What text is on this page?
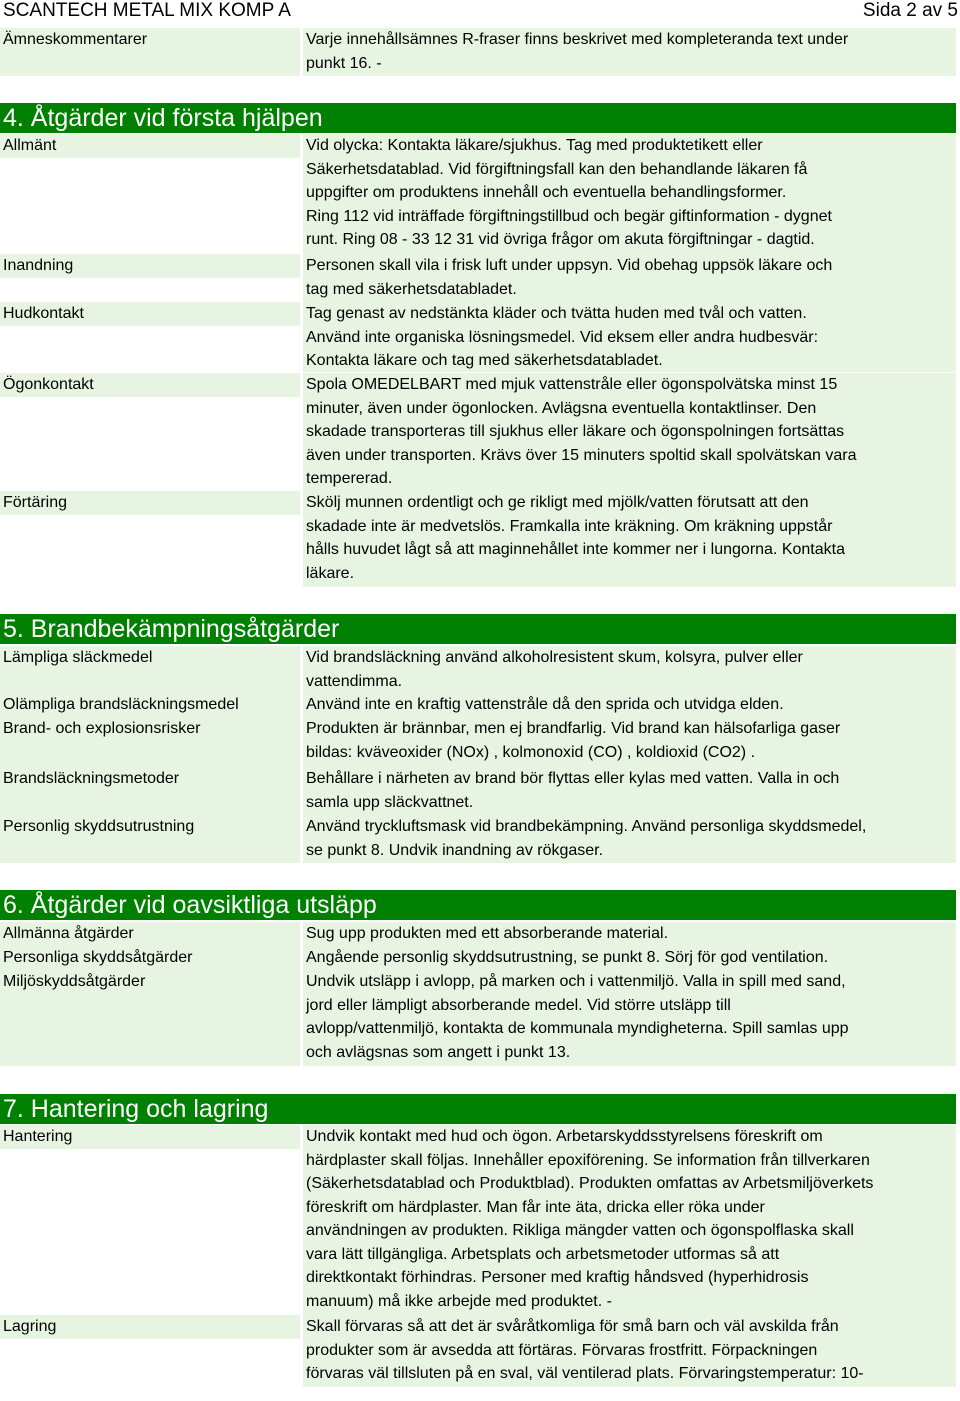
SCANTECH METAL MIX KOMP A	Sida 2 av 5
Ämneskommentarer	Varje innehållsämnes R-fraser finns beskrivet med kompleteranda text under
punkt 16. -
4. Åtgärder vid första hjälpen
Allmänt	Vid olycka: Kontakta läkare/sjukhus. Tag med produktetikett eller
Säkerhetsdatablad. Vid förgiftningsfall kan den behandlande läkaren få
uppgifter om produktens innehåll och eventuella behandlingsformer.
Ring 112 vid inträffade förgiftningstillbud och begär giftinformation - dygnet
runt. Ring 08 - 33 12 31 vid övriga frågor om akuta förgiftningar - dagtid.
Inandning	Personen skall vila i frisk luft under uppsyn. Vid obehag uppsök läkare och
tag med säkerhetsdatabladet.
Hudkontakt	Tag genast av nedstänkta kläder och tvätta huden med tvål och vatten.
Använd inte organiska lösningsmedel. Vid eksem eller andra hudbesvär:
Kontakta läkare och tag med säkerhetsdatabladet.
Ögonkontakt	Spola OMEDELBART med mjuk vattenstråle eller ögonspolvätska minst 15
minuter, även under ögonlocken. Avlägsna eventuella kontaktlinser. Den
skadade transporteras till sjukhus eller läkare och ögonspolningen fortsättas
även under transporten. Krävs över 15 minuters spoltid skall spolvätskan vara
tempererad.
Förtäring	Skölj munnen ordentligt och ge rikligt med mjölk/vatten förutsatt att den
skadade inte är medvetslös. Framkalla inte kräkning. Om kräkning uppstår
hålls huvudet lågt så att maginnehållet inte kommer ner i lungorna. Kontakta
läkare.
5. Brandbekämpningsåtgärder
Lämpliga släckmedel	Vid brandsläckning använd alkoholresistent skum, kolsyra, pulver eller
vattendimma.
Olämpliga brandsläckningsmedel	Använd inte en kraftig vattenstråle då den sprida och utvidga elden.
Brand- och explosionsrisker	Produkten är brännbar, men ej brandfarlig. Vid brand kan hälsofarliga gaser
bildas: kväveoxider (NOx) , kolmonoxid (CO) , koldioxid (CO2) .
Brandsläckningsmetoder	Behållare i närheten av brand bör flyttas eller kylas med vatten. Valla in och
samla upp släckvattnet.
Personlig skyddsutrustning	Använd tryckluftsmask vid brandbekämpning. Använd personliga skyddsmedel,
se punkt 8. Undvik inandning av rökgaser.
6. Åtgärder vid oavsiktliga utsläpp
Allmänna åtgärder	Sug upp produkten med ett absorberande material.
Personliga skyddsåtgärder	Angående personlig skyddsutrustning, se punkt 8. Sörj för god ventilation.
Miljöskyddsåtgärder	Undvik utsläpp i avlopp, på marken och i vattenmiljö. Valla in spill med sand,
jord eller lämpligt absorberande medel. Vid större utsläpp till
avlopp/vattenmiljö, kontakta de kommunala myndigheterna. Spill samlas upp
och avlägsnas som angett i punkt 13.
7. Hantering och lagring
Hantering	Undvik kontakt med hud och ögon. Arbetarskyddsstyrelsens föreskrift om
härdplaster skall följas. Innehåller epoxiförening. Se information från tillverkaren
(Säkerhetsdatablad och Produktblad). Produkten omfattas av Arbetsmiljöverkets
föreskrift om härdplaster. Man får inte äta, dricka eller röka under
användningen av produkten. Rikliga mängder vatten och ögonspolflaska skall
vara lätt tillgängliga. Arbetsplats och arbetsmetoder utformas så att
direktkontakt förhindras. Personer med kraftig håndsved (hyperhidrosis
manuum) må ikke arbejde med produktet. -
Lagring	Skall förvaras så att det är svåråtkomliga för små barn och väl avskilda från
produkter som är avsedda att förtäras. Förvaras frostfritt. Förpackningen
förvaras väl tillsluten på en sval, väl ventilerad plats. Förvaringstemperatur: 10-
